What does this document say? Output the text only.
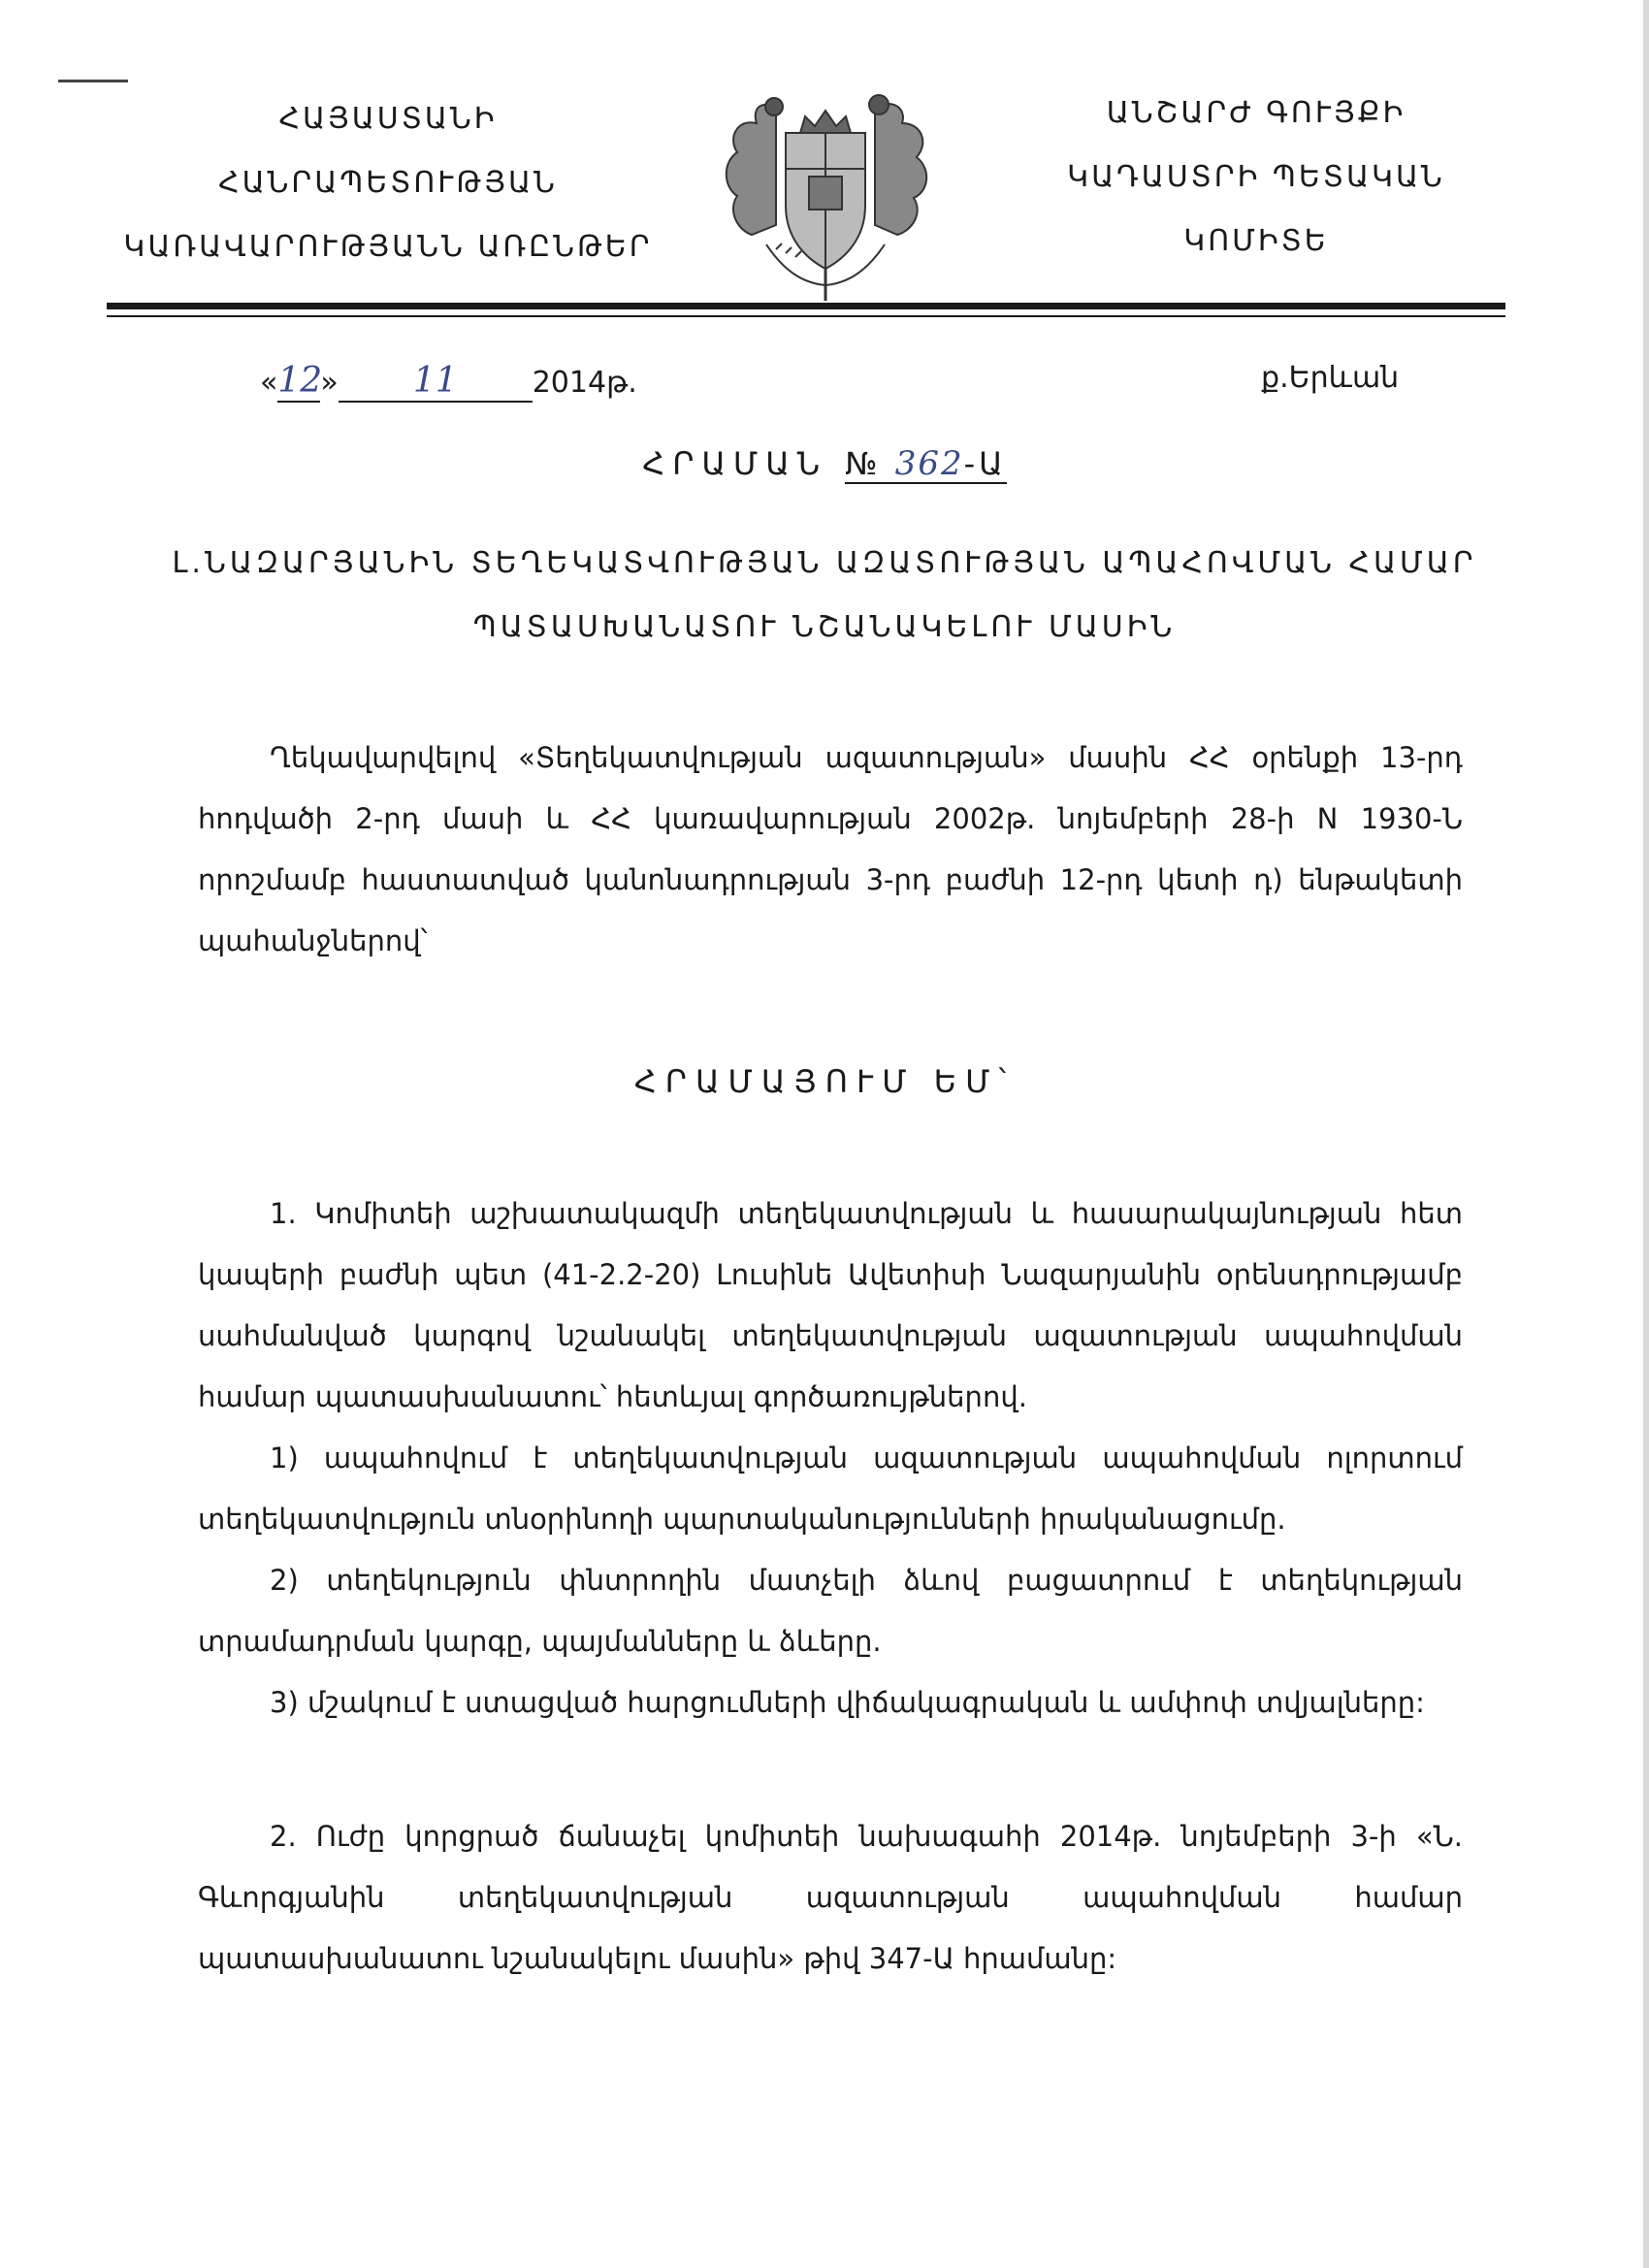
ՀԱՅԱՍՏԱՆԻ
ՀԱՆՐԱՊԵՏՈՒԹՅԱՆ
ԿԱՌԱՎԱՐՈՒԹՅԱՆՆ ԱՌԸՆԹԵՐ
ԱՆՇԱՐԺ ԳՈՒՅՔԻ
ԿԱԴԱՍՏՐԻ ՊԵՏԱԿԱՆ
ԿՈՄԻՏԵ
«12» 11	2014թ.	ք.Երևան
ՀՐԱՄԱՆ № 362-Ա
Լ.ՆԱԶԱՐՅԱՆԻՆ ՏԵՂԵԿԱՏՎՈՒԹՅԱՆ ԱԶԱՏՈՒԹՅԱՆ ԱՊԱՀՈՎՄԱՆ ՀԱՄԱՐ
ՊԱՏԱՍԽԱՆԱՏՈՒ ՆՇԱՆԱԿԵԼՈՒ ՄԱՍԻՆ
Ղեկավարվելով «Տեղեկատվության ազատության» մասին ՀՀ օրենքի 13-րդ հոդվածի 2-րդ մասի և ՀՀ կառավարության 2002թ. նոյեմբերի 28-ի N 1930-Ն որոշմամբ հաստատված կանոնադրության 3-րդ բաժնի 12-րդ կետի դ) ենթակետի պահանջներով՝
ՀՐԱՄԱՅՈՒՄ ԵՄ՝
1. Կոմիտեի աշխատակազմի տեղեկատվության և հասարակայնության հետ կապերի բաժնի պետ (41-2.2-20) Լուսինե Ավետիսի Նազարյանին օրենսդրությամբ սահմանված կարգով նշանակել տեղեկատվության ազատության ապահովման համար պատասխանատու՝ հետևյալ գործառույթներով.
1) ապահովում է տեղեկատվության ազատության ապահովման ոլորտում տեղեկատվություն տնօրինողի պարտականությունների իրականացումը.
2) տեղեկություն փնտրողին մատչելի ձևով բացատրում է տեղեկության տրամադրման կարգը, պայմանները և ձևերը.
3) մշակում է ստացված հարցումների վիճակագրական և ամփոփ տվյալները:
2. Ուժը կորցրած ճանաչել կոմիտեի նախագահի 2014թ. նոյեմբերի 3-ի «Ն. Գևորգյանին տեղեկատվության ազատության ապահովման համար պատասխանատու նշանակելու մասին» թիվ 347-Ա հրամանը:
